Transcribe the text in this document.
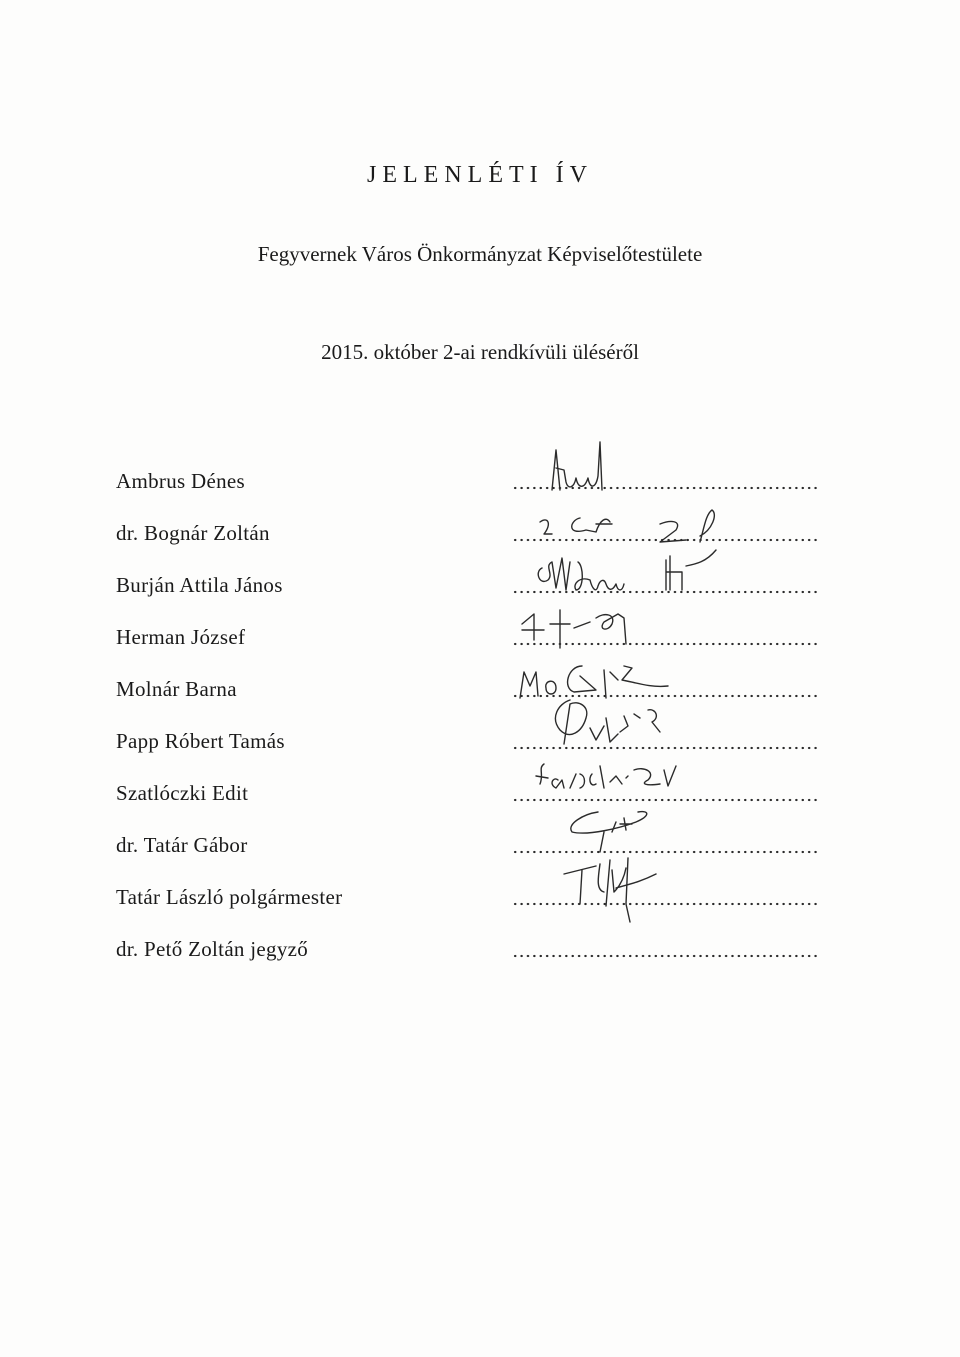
JELENLÉTI ÍV
Fegyvernek Város Önkormányzat Képviselőtestülete
2015. október 2-ai rendkívüli üléséről
Ambrus Dénes
dr. Bognár Zoltán
Burján Attila János
Herman József
Molnár Barna
Papp Róbert Tamás
Szatlóczki Edit
dr. Tatár Gábor
Tatár László polgármester
dr. Pető Zoltán jegyző
